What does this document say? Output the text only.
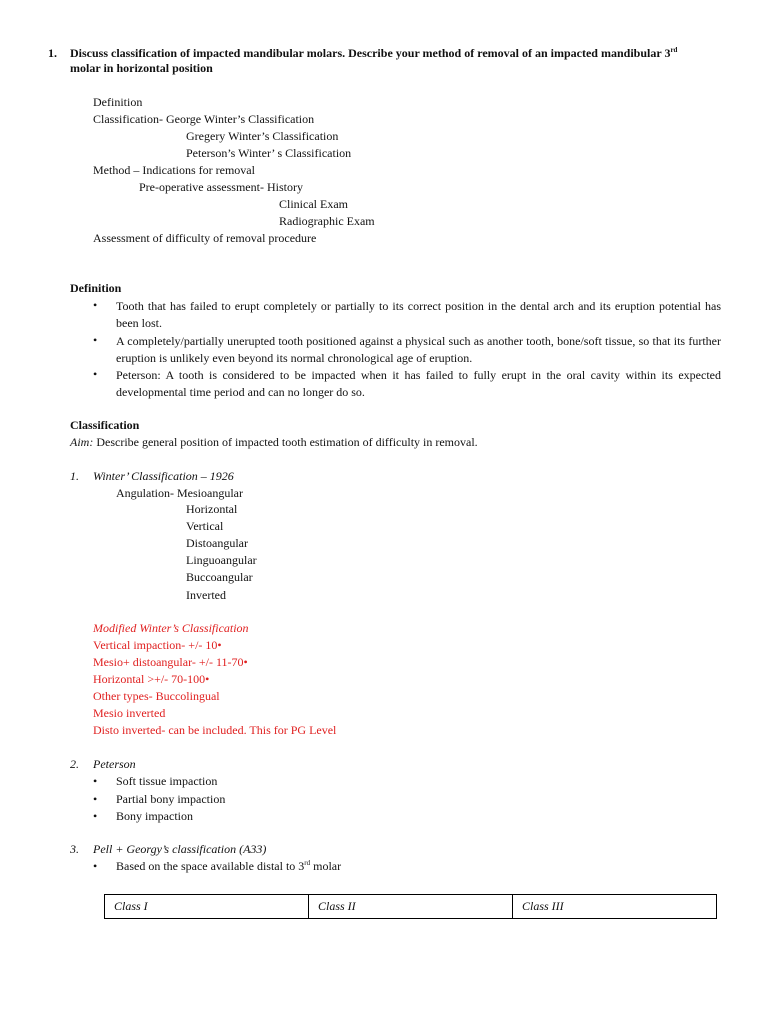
1. Discuss classification of impacted mandibular molars. Describe your method of removal of an impacted mandibular 3rd
molar in horizontal position
Definition
Classification- George Winter’s Classification
Gregery Winter’s Classification
Peterson’s Winter’ s Classification
Method – Indications for removal
Pre-operative assessment- History
Clinical Exam
Radiographic Exam
Assessment of difficulty of removal procedure
Definition
• Tooth that has failed to erupt completely or partially to its correct position in the dental arch and its eruption potential has been lost.
• A completely/partially unerupted tooth positioned against a physical such as another tooth, bone/soft tissue, so that its further eruption is unlikely even beyond its normal chronological age of eruption.
• Peterson: A tooth is considered to be impacted when it has failed to fully erupt in the oral cavity within its expected developmental time period and can no longer do so.
Classification
Aim: Describe general position of impacted tooth estimation of difficulty in removal.
1. Winter’ Classification – 1926
Angulation- Mesioangular
Horizontal
Vertical
Distoangular
Linguoangular
Buccoangular
Inverted
Modified Winter’s Classification
Vertical impaction- +/- 10•
Mesio+ distoangular- +/- 11-70•
Horizontal >+/- 70-100•
Other types- Buccolingual
Mesio inverted
Disto inverted- can be included. This for PG Level
2. Peterson
• Soft tissue impaction
• Partial bony impaction
• Bony impaction
3. Pell + Georgy’s classification (A33)
• Based on the space available distal to 3rd molar
Class I	Class II	Class III
